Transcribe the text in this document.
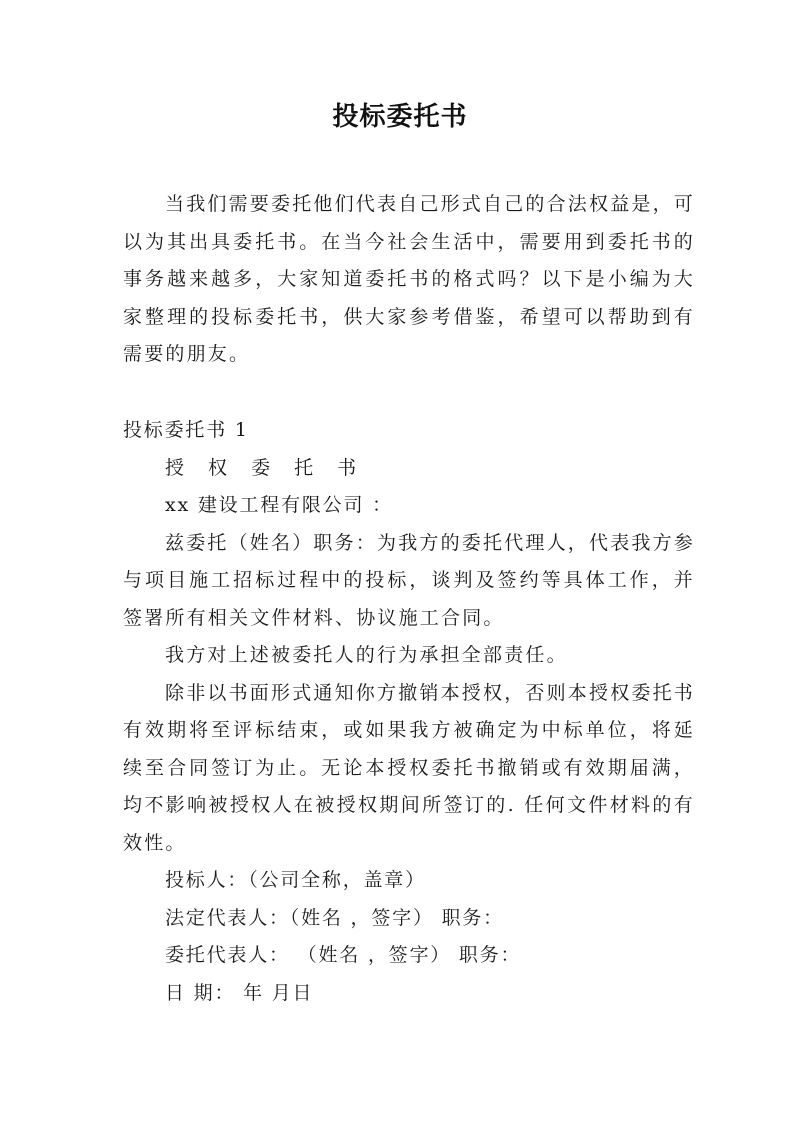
投标委托书
当我们需要委托他们代表自己形式自己的合法权益是，可以为其出具委托书。在当今社会生活中，需要用到委托书的事务越来越多，大家知道委托书的格式吗？以下是小编为大家整理的投标委托书，供大家参考借鉴，希望可以帮助到有需要的朋友。
投标委托书 1
授 权 委 托 书
xx 建设工程有限公司 ：
兹委托（姓名）职务：为我方的委托代理人，代表我方参与项目施工招标过程中的投标，谈判及签约等具体工作，并签署所有相关文件材料、协议施工合同。
我方对上述被委托人的行为承担全部责任。
除非以书面形式通知你方撤销本授权，否则本授权委托书有效期将至评标结束，或如果我方被确定为中标单位，将延续至合同签订为止。无论本授权委托书撤销或有效期届满，均不影响被授权人在被授权期间所签订的. 任何文件材料的有效性。
投标人：（公司全称，盖章）
法定代表人：（姓名 ，签字） 职务：
委托代表人： （姓名 ，签字） 职务：
日 期： 年 月日
